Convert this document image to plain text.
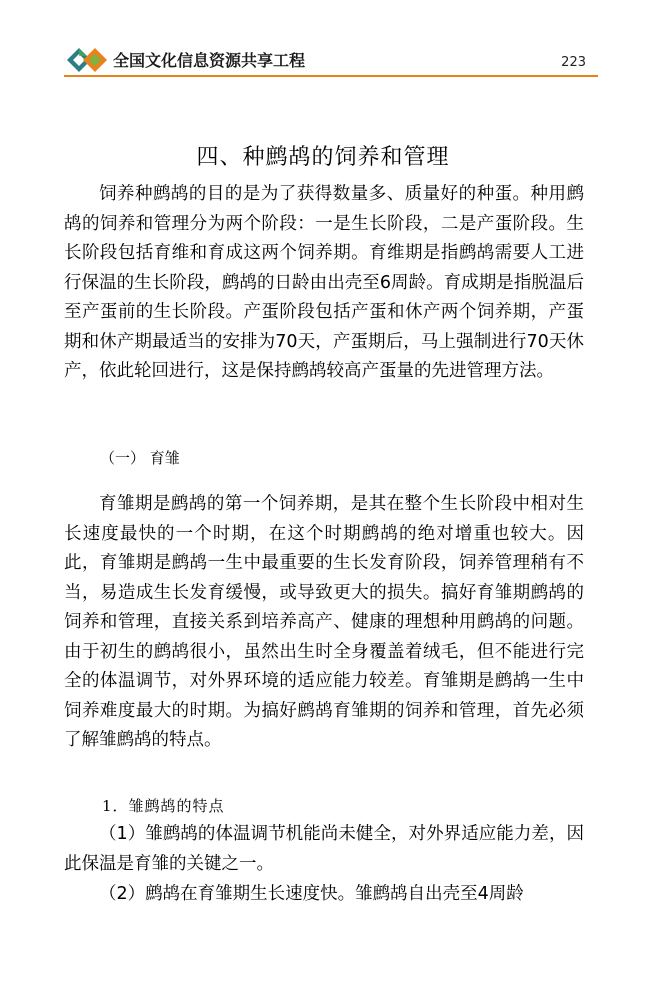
全国文化信息资源共享工程	223
四、种鹧鸪的饲养和管理

饲养种鹧鸪的目的是为了获得数量多、质量好的种蛋。种用鹧鸪的饲养和管理分为两个阶段：一是生长阶段，二是产蛋阶段。生长阶段包括育维和育成这两个饲养期。育维期是指鹧鸪需要人工进行保温的生长阶段，鹧鸪的日龄由出壳至6周龄。育成期是指脱温后至产蛋前的生长阶段。产蛋阶段包括产蛋和休产两个饲养期，产蛋期和休产期最适当的安排为70天，产蛋期后，马上强制进行70天休产，依此轮回进行，这是保持鹧鸪较高产蛋量的先进管理方法。

（一） 育雏

育雏期是鹧鸪的第一个饲养期，是其在整个生长阶段中相对生长速度最快的一个时期，在这个时期鹧鸪的绝对增重也较大。因此，育雏期是鹧鸪一生中最重要的生长发育阶段，饲养管理稍有不当，易造成生长发育缓慢，或导致更大的损失。搞好育雏期鹧鸪的饲养和管理，直接关系到培养高产、健康的理想种用鹧鸪的问题。由于初生的鹧鸪很小，虽然出生时全身覆盖着绒毛，但不能进行完全的体温调节，对外界环境的适应能力较差。育雏期是鹧鸪一生中饲养难度最大的时期。为搞好鹧鸪育雏期的饲养和管理，首先必须了解雏鹧鸪的特点。

1．雏鹧鸪的特点

（1）雏鹧鸪的体温调节机能尚未健全，对外界适应能力差，因此保温是育雏的关键之一。

（2）鹧鸪在育雏期生长速度快。雏鹧鸪自出壳至4周龄
